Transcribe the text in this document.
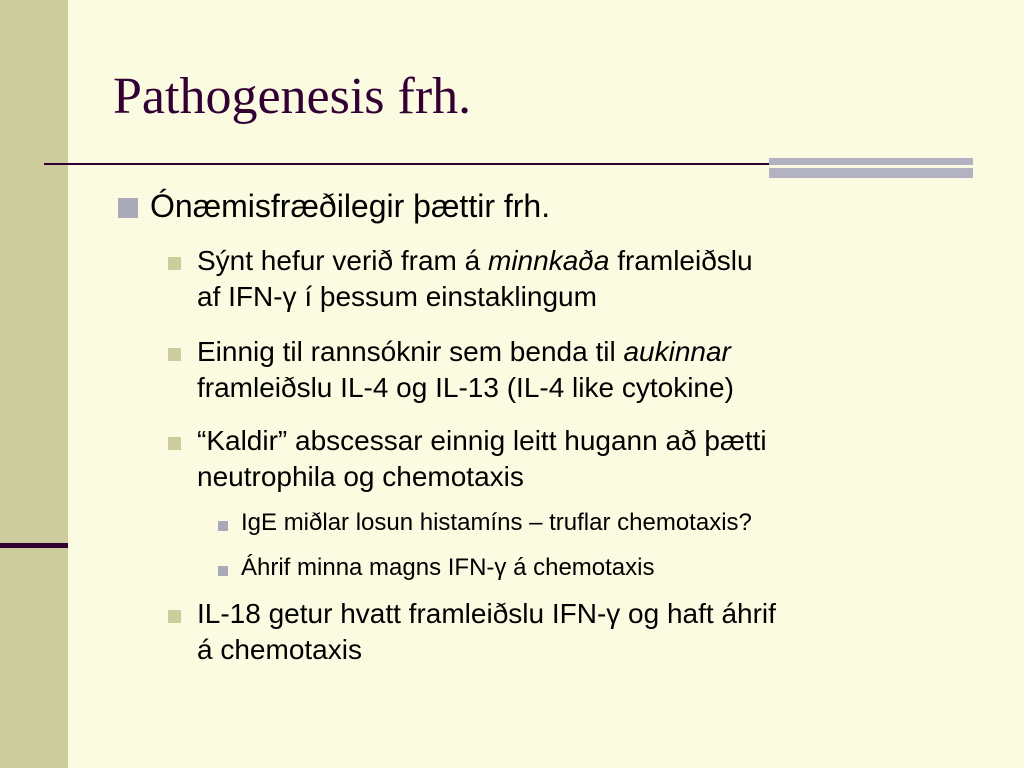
Pathogenesis frh.
Ónæmisfræðilegir þættir frh.
Sýnt hefur verið fram á minnkaða framleiðslu
af IFN-γ í þessum einstaklingum
Einnig til rannsóknir sem benda til aukinnar
framleiðslu IL-4 og IL-13 (IL-4 like cytokine)
“Kaldir” abscessar einnig leitt hugann að þætti
neutrophila og chemotaxis
IgE miðlar losun histamíns – truflar chemotaxis?
Áhrif minna magns IFN-γ á chemotaxis
IL-18 getur hvatt framleiðslu IFN-γ og haft áhrif
á chemotaxis
